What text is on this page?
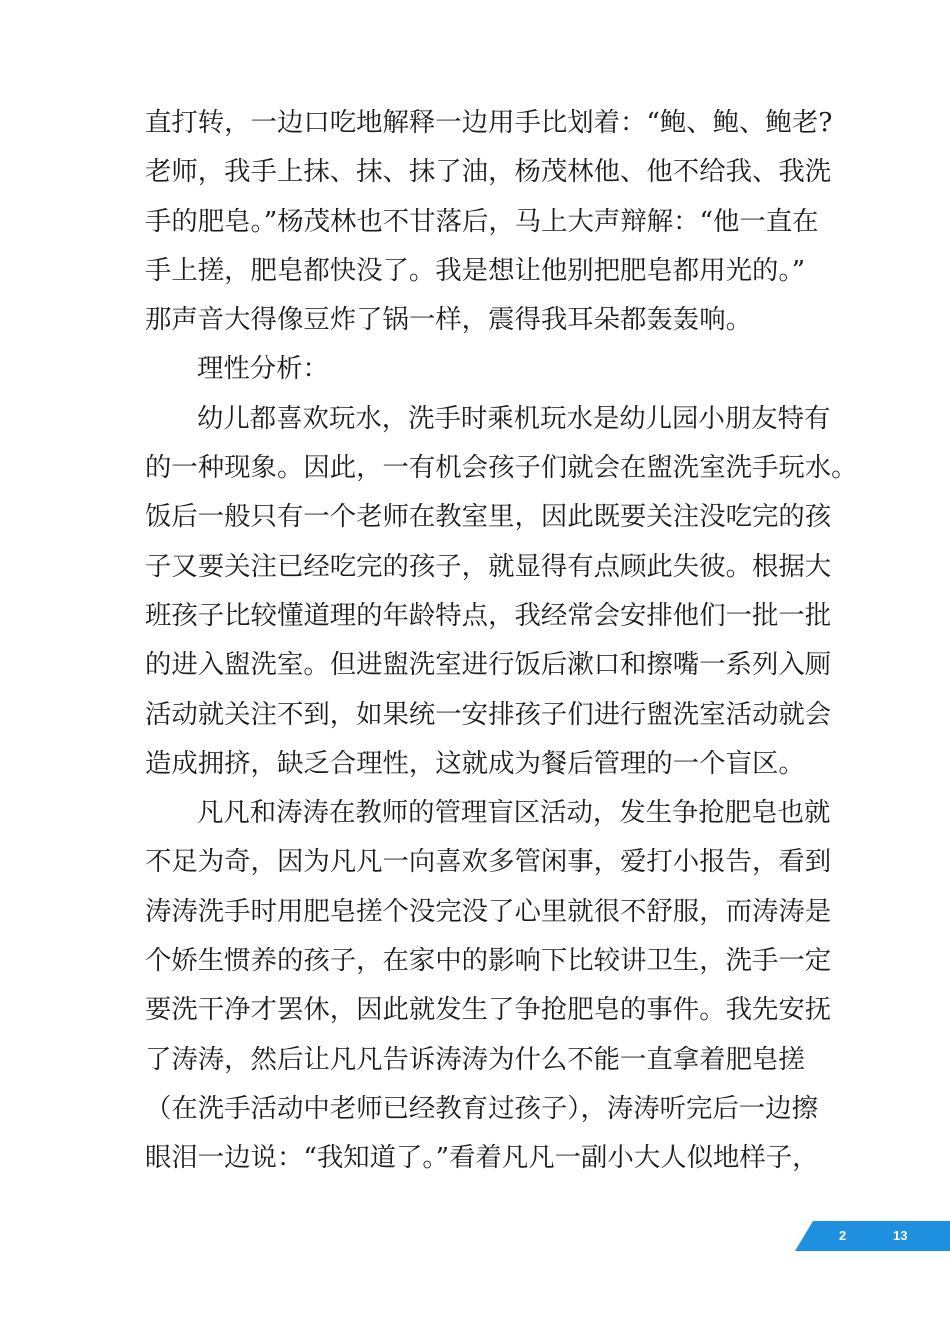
直打转，一边口吃地解释一边用手比划着：“鲍、鲍、鲍老?
老师，我手上抹、抹、抹了油，杨茂林他、他不给我、我洗
手的肥皂。”杨茂林也不甘落后，马上大声辩解：“他一直在
手上搓，肥皂都快没了。我是想让他别把肥皂都用光的。”
那声音大得像豆炸了锅一样，震得我耳朵都轰轰响。
理性分析：
幼儿都喜欢玩水，洗手时乘机玩水是幼儿园小朋友特有
的一种现象。因此，一有机会孩子们就会在盥洗室洗手玩水。
饭后一般只有一个老师在教室里，因此既要关注没吃完的孩
子又要关注已经吃完的孩子，就显得有点顾此失彼。根据大
班孩子比较懂道理的年龄特点，我经常会安排他们一批一批
的进入盥洗室。但进盥洗室进行饭后漱口和擦嘴一系列入厕
活动就关注不到，如果统一安排孩子们进行盥洗室活动就会
造成拥挤，缺乏合理性，这就成为餐后管理的一个盲区。
凡凡和涛涛在教师的管理盲区活动，发生争抢肥皂也就
不足为奇，因为凡凡一向喜欢多管闲事，爱打小报告，看到
涛涛洗手时用肥皂搓个没完没了心里就很不舒服，而涛涛是
个娇生惯养的孩子，在家中的影响下比较讲卫生，洗手一定
要洗干净才罢休，因此就发生了争抢肥皂的事件。我先安抚
了涛涛，然后让凡凡告诉涛涛为什么不能一直拿着肥皂搓
（在洗手活动中老师已经教育过孩子），涛涛听完后一边擦
眼泪一边说：“我知道了。”看着凡凡一副小大人似地样子，
2	13
